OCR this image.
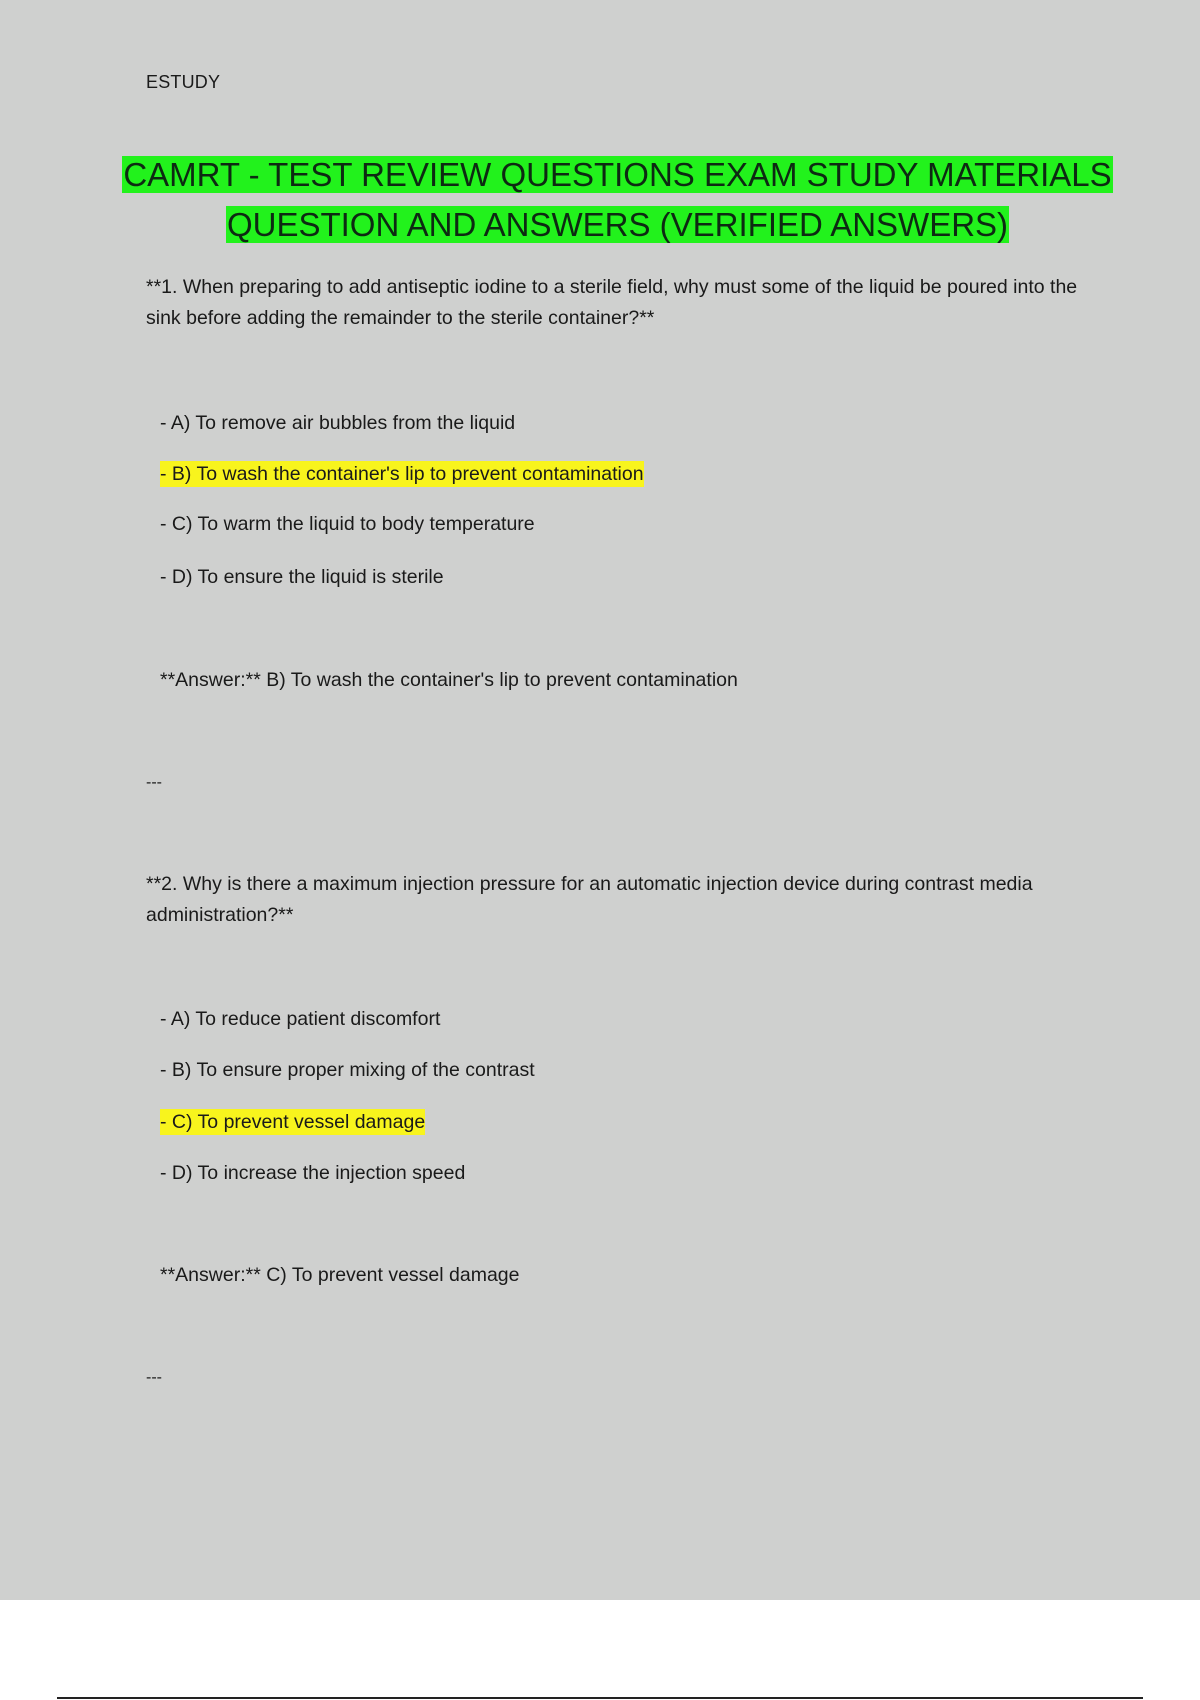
ESTUDY
CAMRT - TEST REVIEW QUESTIONS EXAM STUDY MATERIALS
QUESTION AND ANSWERS (VERIFIED ANSWERS)
**1. When preparing to add antiseptic iodine to a sterile field, why must some of the liquid be poured into the sink before adding the remainder to the sterile container?**
- A) To remove air bubbles from the liquid
- B) To wash the container's lip to prevent contamination
- C) To warm the liquid to body temperature
- D) To ensure the liquid is sterile
**Answer:** B) To wash the container's lip to prevent contamination
---
**2. Why is there a maximum injection pressure for an automatic injection device during contrast media administration?**
- A) To reduce patient discomfort
- B) To ensure proper mixing of the contrast
- C) To prevent vessel damage
- D) To increase the injection speed
**Answer:** C) To prevent vessel damage
---
